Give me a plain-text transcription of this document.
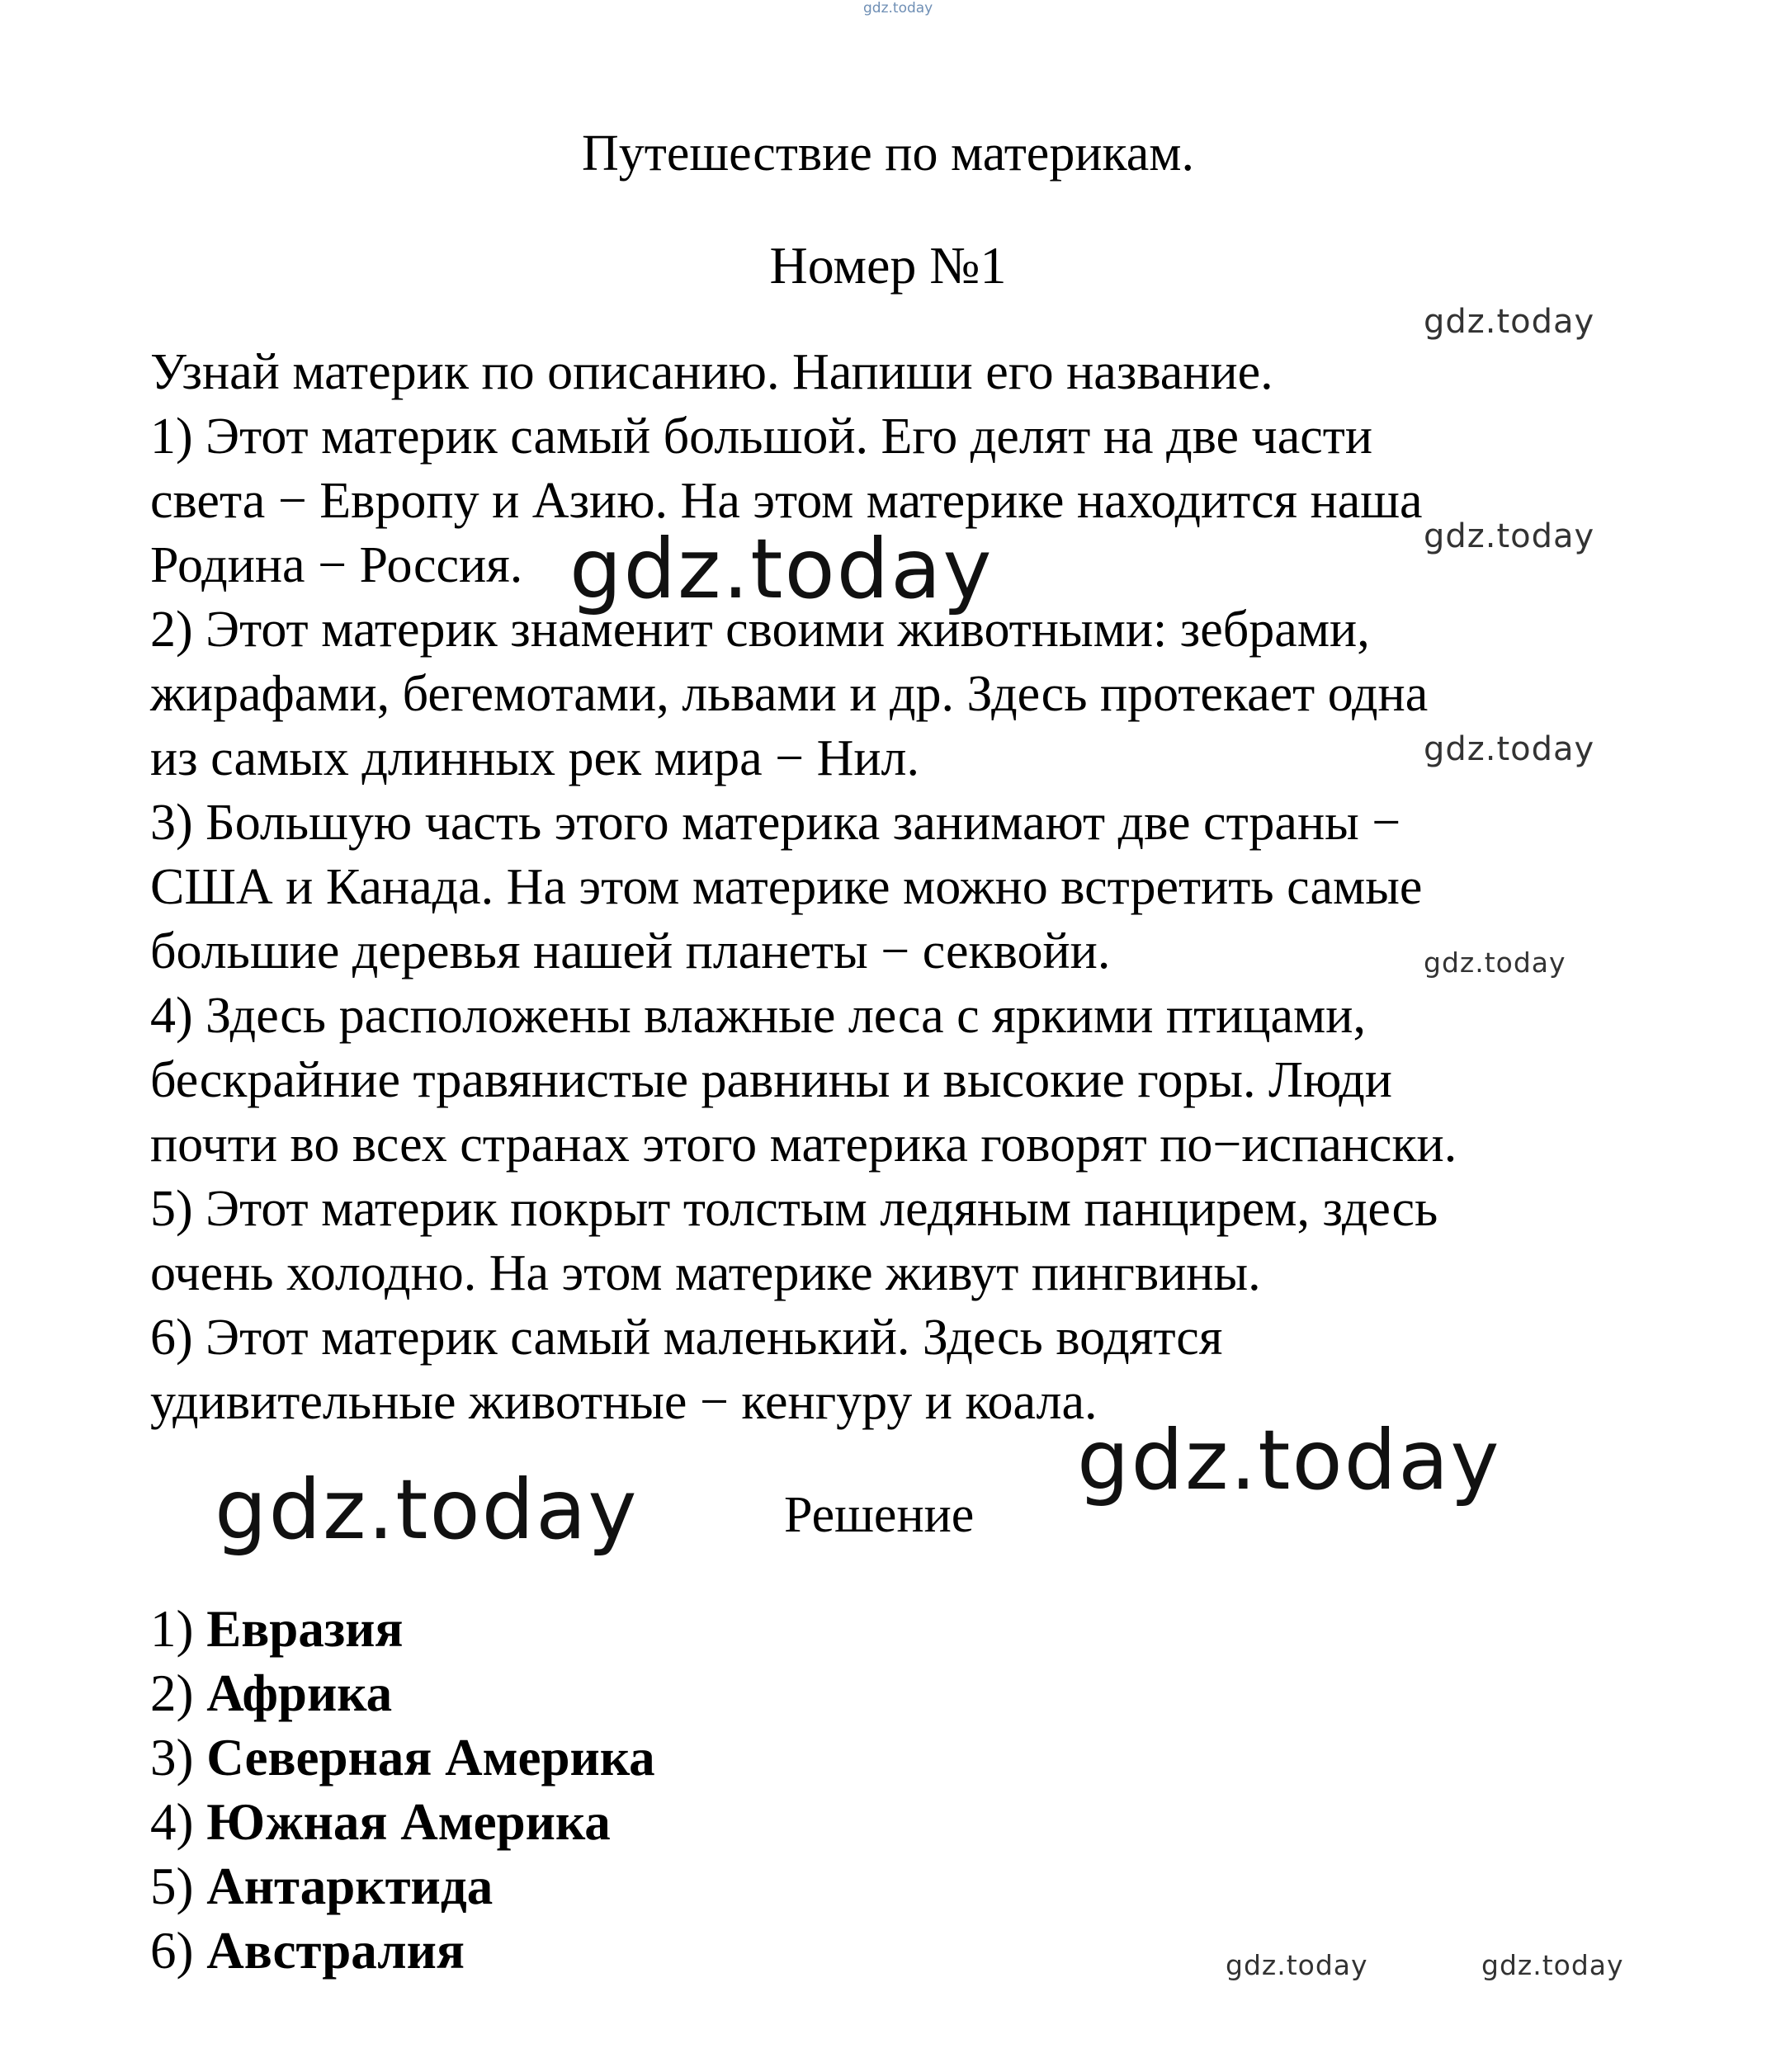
gdz.today
gdz.today
gdz.today
gdz.today
gdz.today
gdz.today
gdz.today
gdz.today
gdz.today	gdz.today
Путешествие по материкам.
Номер №1

Узнай материк по описанию. Напиши его название.

1) Этот материк самый большой. Его делят на две части

света − Европу и Азию. На этом материке находится наша

Родина − Россия.

2) Этот материк знаменит своими животными: зебрами,

жирафами, бегемотами, львами и др. Здесь протекает одна

из самых длинных рек мира − Нил.

3) Большую часть этого материка занимают две страны −

США и Канада. На этом материке можно встретить самые

большие деревья нашей планеты − секвойи.

4) Здесь расположены влажные леса с яркими птицами,

бескрайние травянистые равнины и высокие горы. Люди

почти во всех странах этого материка говорят по−испански.

5) Этот материк покрыт толстым ледяным панцирем, здесь

очень холодно. На этом материке живут пингвины.

6) Этот материк самый маленький. Здесь водятся

удивительные животные − кенгуру и коала.

Решение
1) Евразия
2) Африка
3) Северная Америка
4) Южная Америка
5) Антарктида
6) Австралия
